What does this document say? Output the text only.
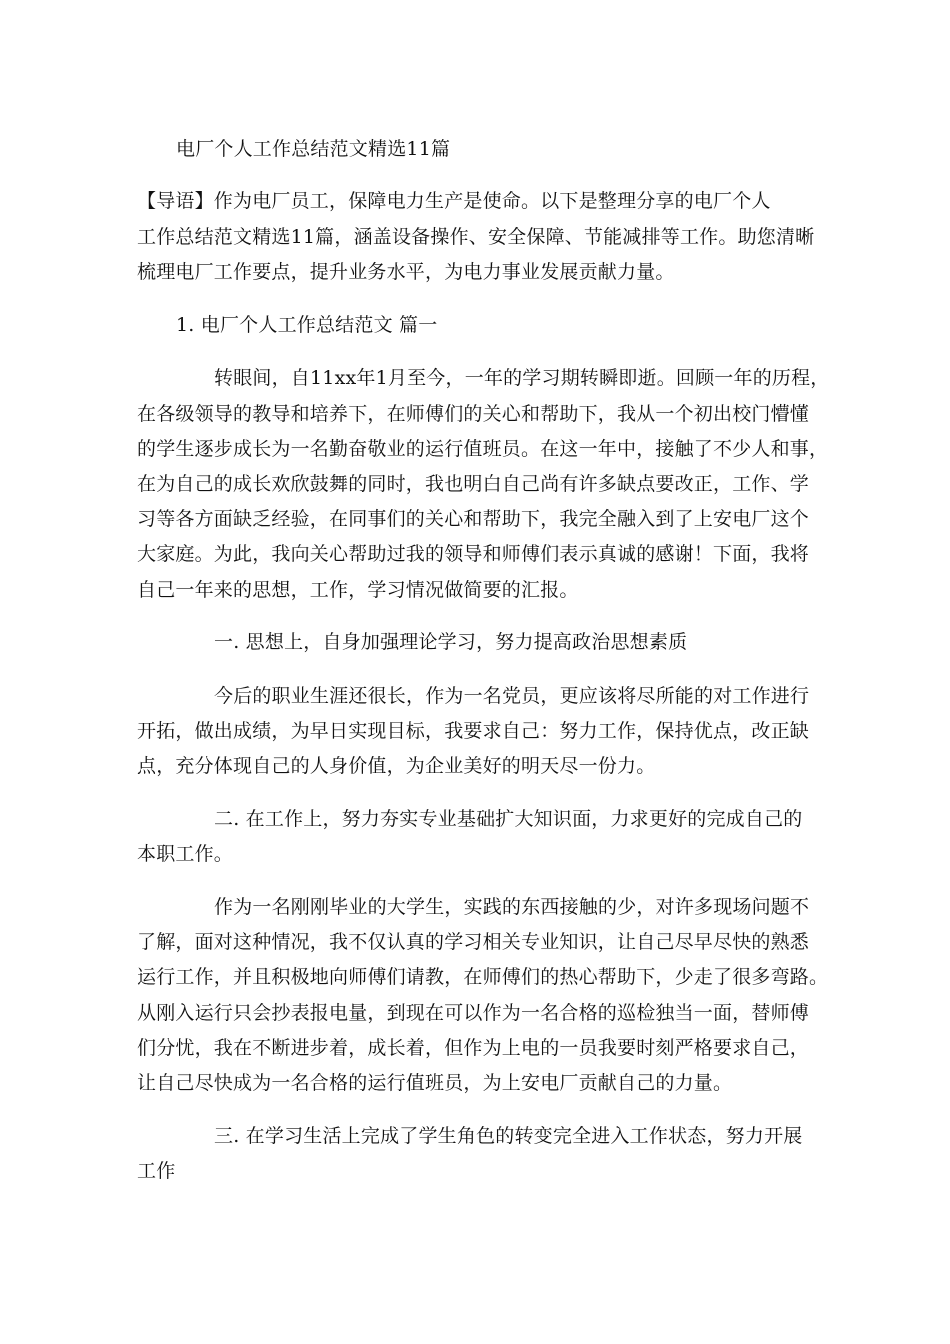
电厂个人工作总结范文精选11篇
【导语】作为电厂员工，保障电力生产是使命。以下是整理分享的电厂个人
工作总结范文精选11篇，涵盖设备操作、安全保障、节能减排等工作。助您清晰
梳理电厂工作要点，提升业务水平，为电力事业发展贡献力量。
1. 电厂个人工作总结范文 篇一
转眼间，自11xx年1月至今，一年的学习期转瞬即逝。回顾一年的历程，
在各级领导的教导和培养下，在师傅们的关心和帮助下，我从一个初出校门懵懂
的学生逐步成长为一名勤奋敬业的运行值班员。在这一年中，接触了不少人和事，
在为自己的成长欢欣鼓舞的同时，我也明白自己尚有许多缺点要改正，工作、学
习等各方面缺乏经验，在同事们的关心和帮助下，我完全融入到了上安电厂这个
大家庭。为此，我向关心帮助过我的领导和师傅们表示真诚的感谢！下面，我将
自己一年来的思想，工作，学习情况做简要的汇报。
一. 思想上，自身加强理论学习，努力提高政治思想素质
今后的职业生涯还很长，作为一名党员，更应该将尽所能的对工作进行
开拓，做出成绩，为早日实现目标，我要求自己：努力工作，保持优点，改正缺
点，充分体现自己的人身价值，为企业美好的明天尽一份力。
二. 在工作上，努力夯实专业基础扩大知识面，力求更好的完成自己的
本职工作。
作为一名刚刚毕业的大学生，实践的东西接触的少，对许多现场问题不
了解，面对这种情况，我不仅认真的学习相关专业知识，让自己尽早尽快的熟悉
运行工作，并且积极地向师傅们请教，在师傅们的热心帮助下，少走了很多弯路。
从刚入运行只会抄表报电量，到现在可以作为一名合格的巡检独当一面，替师傅
们分忧，我在不断进步着，成长着，但作为上电的一员我要时刻严格要求自己，
让自己尽快成为一名合格的运行值班员，为上安电厂贡献自己的力量。
三. 在学习生活上完成了学生角色的转变完全进入工作状态，努力开展
工作
